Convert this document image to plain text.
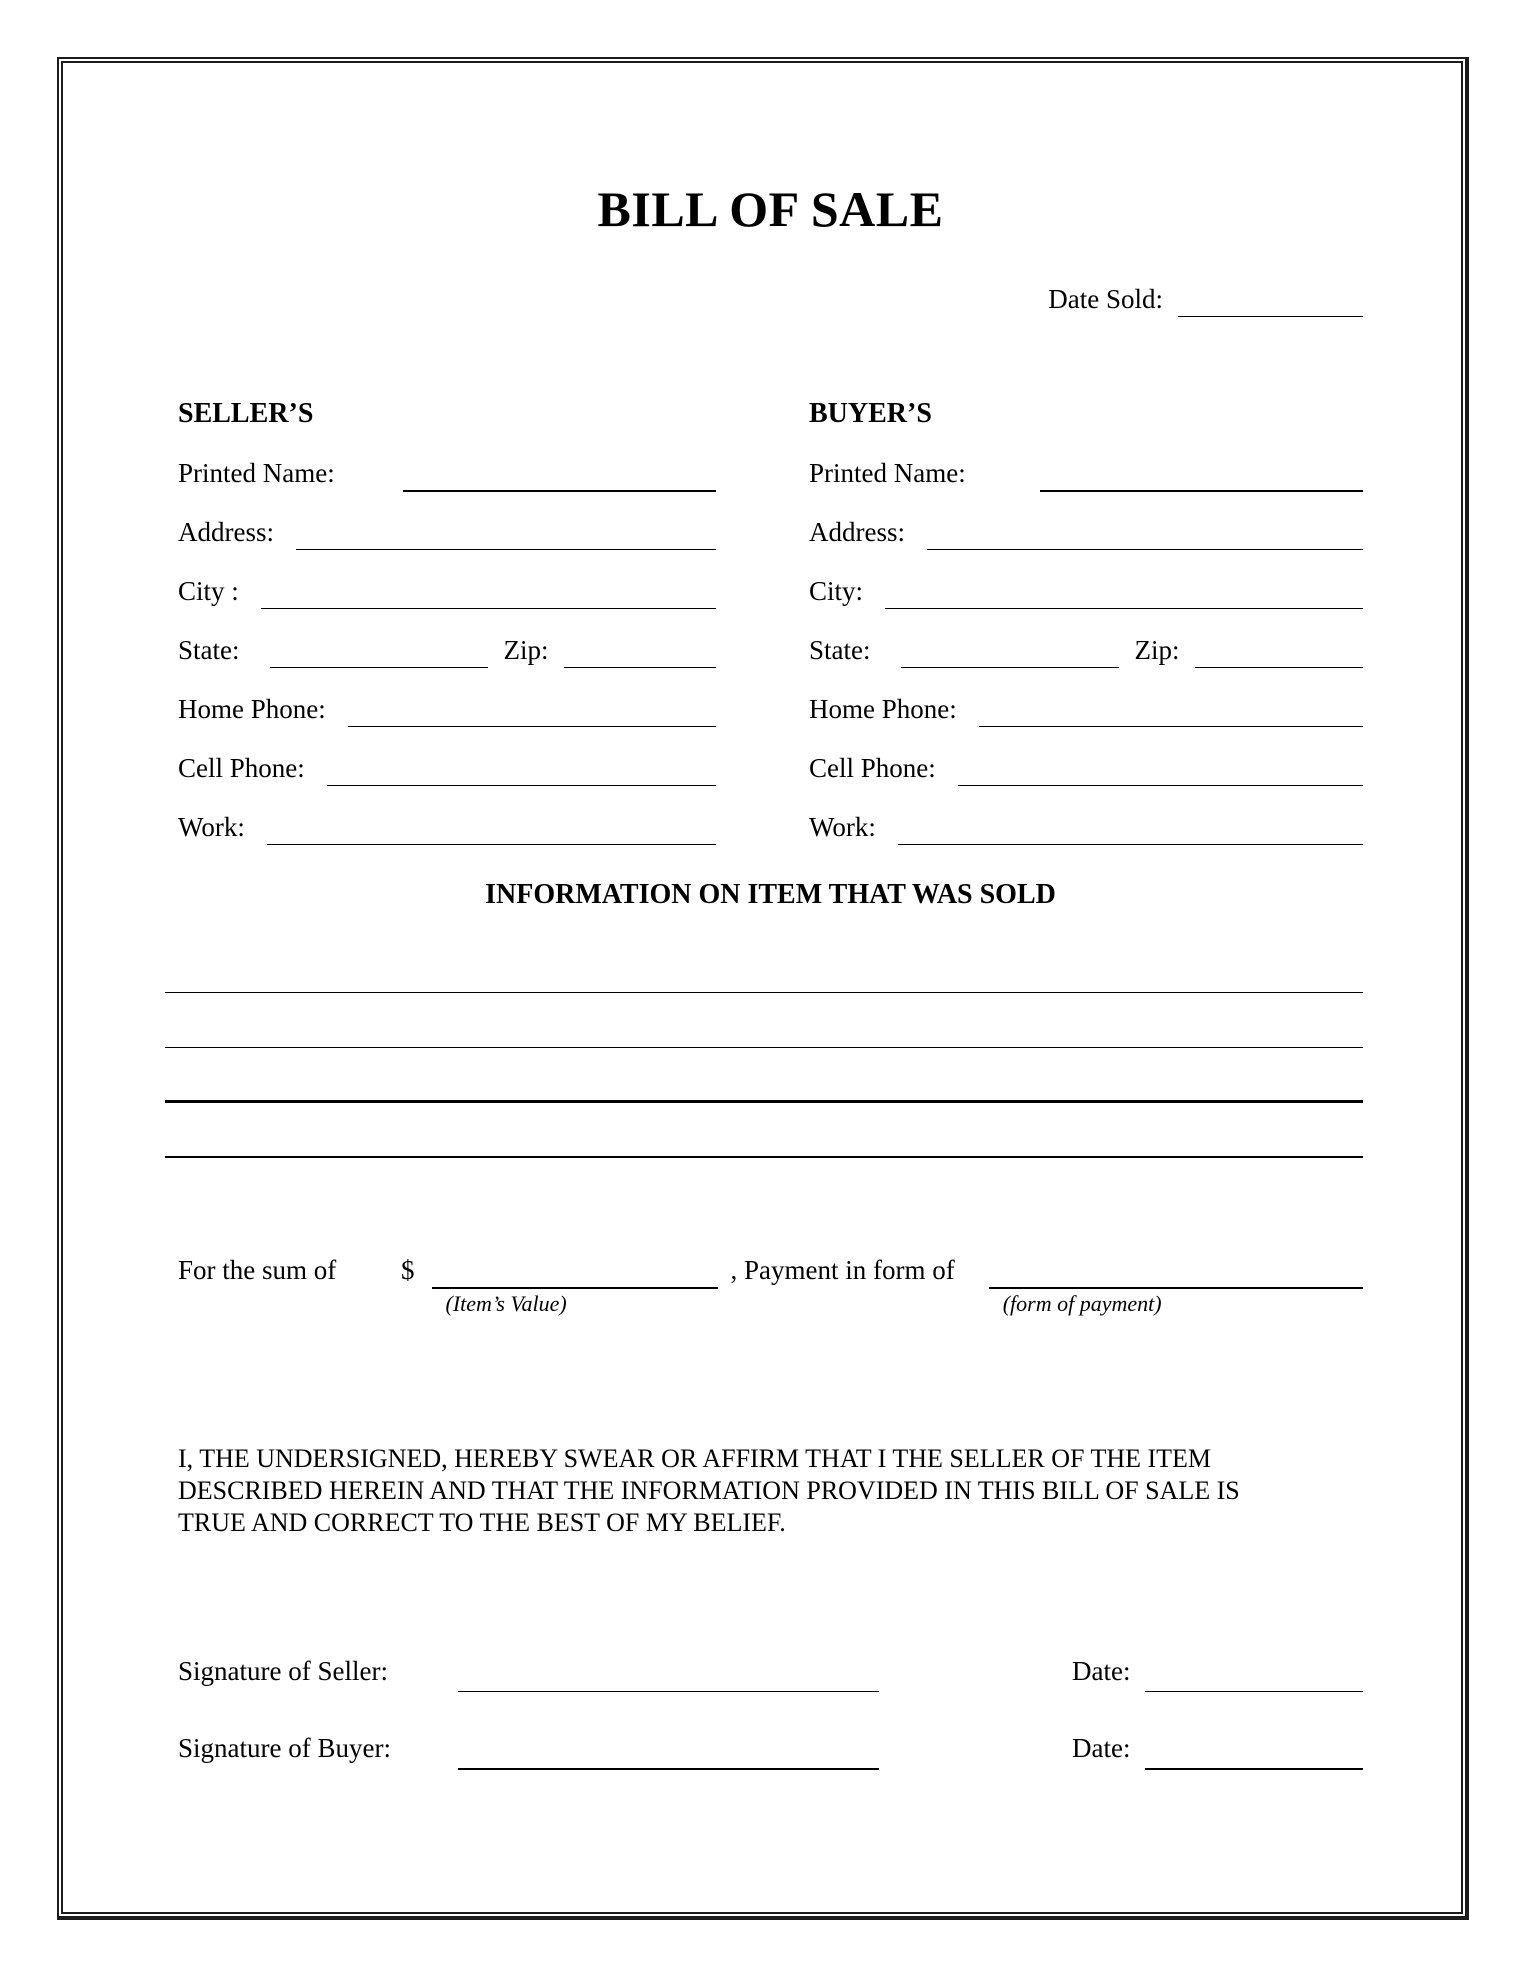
BILL OF SALE
Date Sold:
SELLER’S
Printed Name:
Address:
City :
State:	Zip:
Home Phone:
Cell Phone:
Work:
BUYER’S
Printed Name:
Address:
City:
State:	Zip:
Home Phone:
Cell Phone:
Work:
INFORMATION ON ITEM THAT WAS SOLD
For the sum of	$
(Item’s Value)
, Payment in form of
(form of payment)
I, THE UNDERSIGNED, HEREBY SWEAR OR AFFIRM THAT I THE SELLER OF THE ITEM
DESCRIBED HEREIN AND THAT THE INFORMATION PROVIDED IN THIS BILL OF SALE IS
TRUE AND CORRECT TO THE BEST OF MY BELIEF.
Signature of Seller:	Date:
Signature of Buyer:	Date:
